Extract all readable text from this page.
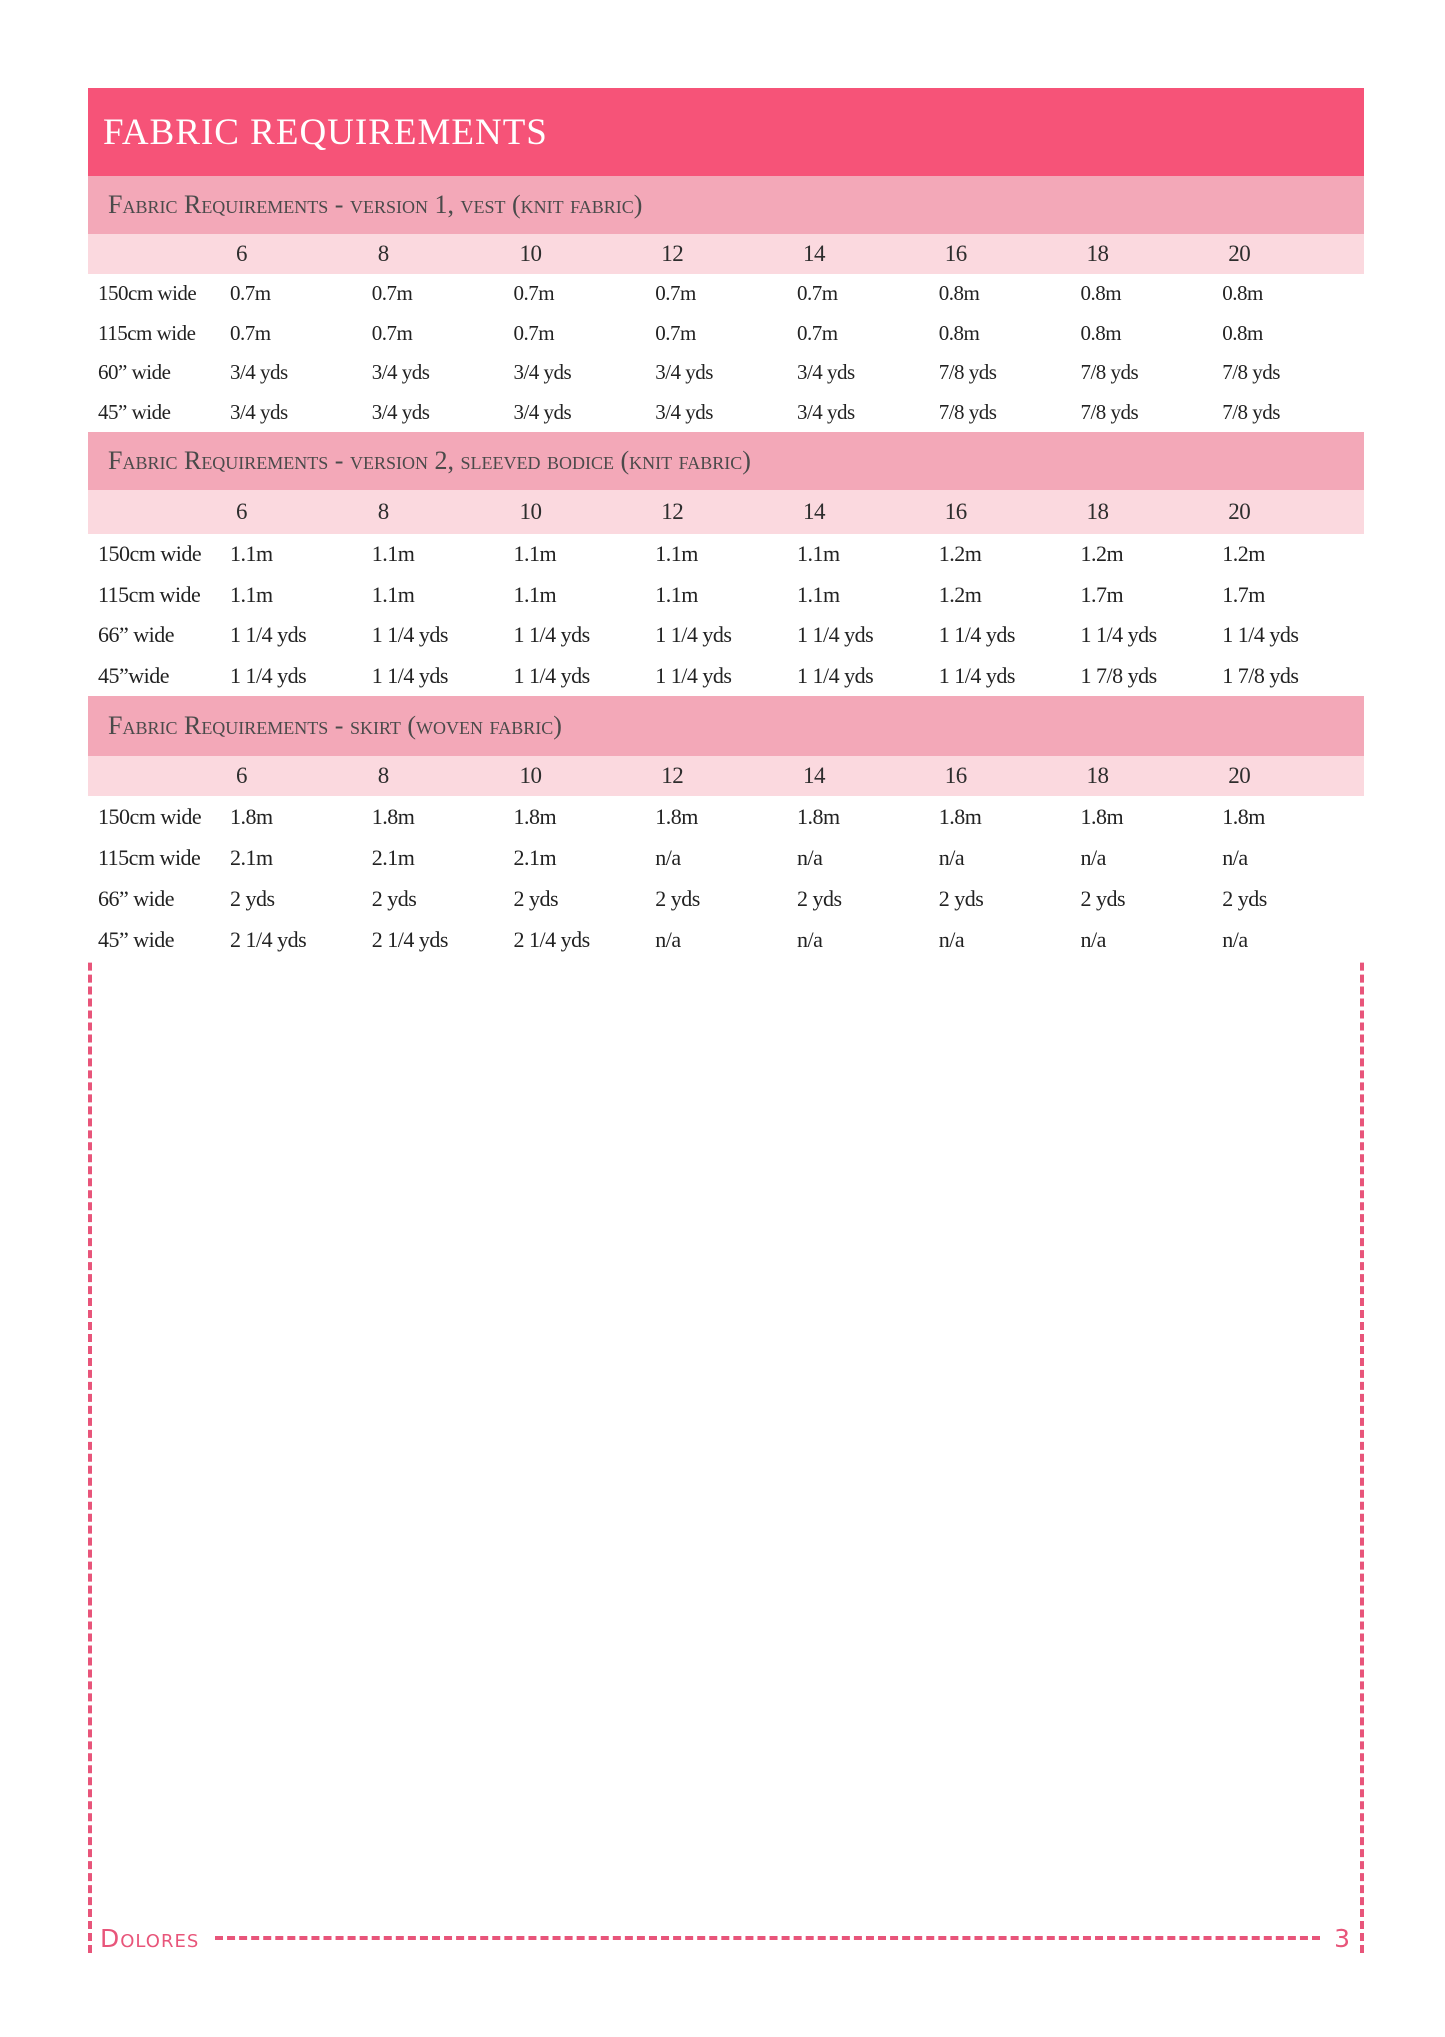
FABRIC REQUIREMENTS
Fabric Requirements - version 1, vest (knit fabric)
6	8	10	12	14	16	18	20
150cm wide	0.7m	0.7m	0.7m	0.7m	0.7m	0.8m	0.8m	0.8m
115cm wide	0.7m	0.7m	0.7m	0.7m	0.7m	0.8m	0.8m	0.8m
60” wide	3/4 yds	3/4 yds	3/4 yds	3/4 yds	3/4 yds	7/8 yds	7/8 yds	7/8 yds
45” wide	3/4 yds	3/4 yds	3/4 yds	3/4 yds	3/4 yds	7/8 yds	7/8 yds	7/8 yds
Fabric Requirements - version 2, sleeved bodice (knit fabric)
6	8	10	12	14	16	18	20
150cm wide	1.1m	1.1m	1.1m	1.1m	1.1m	1.2m	1.2m	1.2m
115cm wide	1.1m	1.1m	1.1m	1.1m	1.1m	1.2m	1.7m	1.7m
66” wide	1 1/4 yds	1 1/4 yds	1 1/4 yds	1 1/4 yds	1 1/4 yds	1 1/4 yds	1 1/4 yds	1 1/4 yds
45”wide	1 1/4 yds	1 1/4 yds	1 1/4 yds	1 1/4 yds	1 1/4 yds	1 1/4 yds	1 7/8 yds	1 7/8 yds
Fabric Requirements - skirt (woven fabric)
6	8	10	12	14	16	18	20
150cm wide	1.8m	1.8m	1.8m	1.8m	1.8m	1.8m	1.8m	1.8m
115cm wide	2.1m	2.1m	2.1m	n/a	n/a	n/a	n/a	n/a
66” wide	2 yds	2 yds	2 yds	2 yds	2 yds	2 yds	2 yds	2 yds
45” wide	2 1/4 yds	2 1/4 yds	2 1/4 yds	n/a	n/a	n/a	n/a	n/a
Dolores	3
